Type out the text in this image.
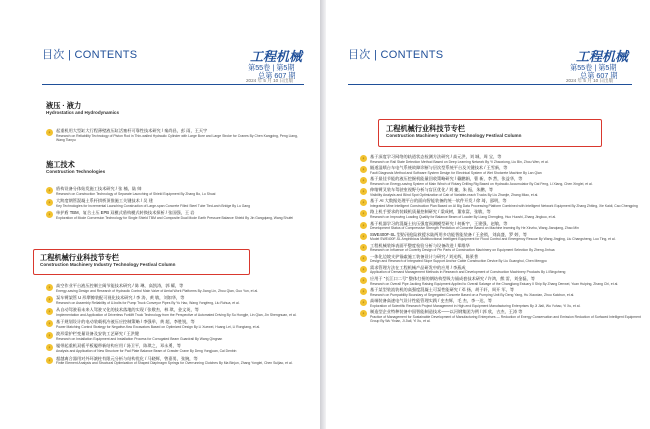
目次 | CONTENTS	工程机械
第55卷 | 第5期
总第 607 期
2024 年 5 月 10 日出版
液压 · 液力
Hydrostatics and Hydrodynamics
p	起重机用大型缸大行程薄壁液压缸活塞杆可靠性技术研究 / 秦尚昌，彭 雨，王天宇
Research on Reliability Technology of Piston Rod in Thin-walled Hydraulic Cylinder with Large Bore and Large Stroke for Cranes By Chen Kangping, Peng Liang, Wang Tianyu
施工技术
Construction Technologies
p	盾构设备分体始发施工技术研究 / 张 楠，陆 帅
Research on Construction Technology of Separate Launching of Shield Equipment By Zhang Bo, Lu Shuai
p	大跨度钢管混凝土系杆拱桥顶推施工关键技术 / 吴 建
Key Technologies for Incremental Launching Construction of Large-span Concrete Filled Steel Tube Tied-arch Bridge By Lu Gang
p	单护盾 TBM、复合土压 EPB 双模式盾构模式转换技术探析 / 张国强，王 岩
Exploration of Mode Conversion Technology for Single Shield TBM and Composite Dual Mode Earth Pressure Balance Shield By Jin Gangqiang, Wang Shufei
工程机械行业科技节专栏
Construction Machinery Industry Technology Festival Column
p	高空作业平台液压控制主阀节能技术研究 / 陈 琳，高凯涛，郭 耀，等
Energy-saving Design and Research of Hydraulic Control Main Valve of Aerial Work Platforms By Jiang Lin, Zhou Qian, Guo Yun, et al.
p	泵车臂架管 U 形摩擦装配可视化技术研究 / 李 涛，黄 敏，刘如华，等
Research on Assembly Reliability of U-bolts for Pump Truck Conveyor Pipes By Yu Hao, Wang Yongfeng, Liu Ruhua, et al.
p	从自动驾驶看未来人驾驶又化的技术落地的实现 / 张敬杰，林 琪，金文英，等
Implementation and Application of Driverless Forklift Truck Technology from the Perspective of Automated Driving By Su Hongjie, Lin Qian, Jin Shengnuan, et al.
p	基于规划设计的电动装载机冷液压应控制策略 / 李强举，黄 超，李胜锐，等
Power Matching Control Strategy for Negative-flow Excavators Based on Optimized Design By Li Xuewei, Huang Lei, Li Rongtang, et al.
p	波形梁护栏变量设备及安装工艺研究 / 王洪键
Research on Installation Equipment and Installation Process for Corrugated Beam Guardrail By Wang Qingnan
p	履带起重机双板平板履带新结构应用 / 汤卫平，陈琪之，邓永勇，等
Analysis and Application of New Structure for Pad Plate Balance Beam of Crawler Crane By Deng Yongjuan, Cai Denbin
p	超越离合器用对外环滚柱有限元分析与结构优化 / 马晓辉，曾嘉男，张婉，等
Finite Element Analysis and Structural Optimization of Shaped Diaphragm Springs for Overrunning Clutches By Ma Binjun, Zhang Yonglei, Chen Suijiao, et al.
目次 | CONTENTS	工程机械
第55卷 | 第5期
总第 607 期
2024 年 5 月 10 日出版
工程机械行业科技节专栏
Construction Machinery Industry Technology Festival Column
p	基于深度学习网络的轨道状态检测方法研究 / 高元洪，刘 城，周 宝，等
Research on Rail State Detection Method Based on Deep Learning Network By Yi Zhaoxiong, Liu Bin, Zhou Wen, et al.
p	隧道湿喷台车电气系统故障诊断与层次型系统平台及关键技术 / 王雪新，等
Fault Diagnosis Method and Software System Design for Electrical System of Wet Shotcrete Machine By Lan Qian
p	基于最佳节能的液压挖掘机能量回收策略研究 / 戴鹏娟，曹 新，李 然，张益华，等
Research on Energy-saving System of Main Winch of Rotary Drilling Rig Based on Hydraulic Accumulator By Dai Feng, Li Xiang, Chen Xinglei, et al.
p	伸缩臂叉装车驾驶室视野分析与盲区优化 / 刘 捷，朱 振，朱鹏，等
Visibility Analysis and Blind Spot Optimization of Cab of Variable-reach Trucks By Liu Zhanjie, Zhang Miao, et al.
p	基于 AI 大数据处理平台的面向智能装备的统一软件开发 / 徐 琦，邵明，等
Integrated Mine Intelligent Construction Plan Based on AI Big Data Processing Platform Combined with Intelligent Network Equipment By Zhang Zhiting, Xie Kaidi, Cao Chengping
p	路上机手要求的装载机质量控制研究 / 梁成树，董家富，张敏，等
Research on Improving Loading Quality for Balance Beam of Loader By Liang Chengling, Huo Huoshi, Zhang Jingkuo, et al.
p	基于机器学习的混凝土抗压强度预测模型研究 / 何新宇，王建强，赵敏，等
Development Status of Compressive Strength Prediction of Concrete Based on Machine learning By He Xinzhu, Wang Jianqiang, Zhao Min
p	SWE400F-SL 型防汛抢险救援水陆两用多功能智能装备 / 王金锁，刘高盛，罗 婷，等
Model SWE400F-SL Amphibious Multifunctional Intelligent Equipment for Flood Control and Emergency Rescue By Wang Jingjing, Liu Changsheng, Luo Ting, et al.
p	工程机械装饰表面平整度检验分析与设备改进 / 郑维华
Research on Influence of Coverity Design of Pin Parts of Construction Machinery on Equipment Selection By Zheng Jinhua
p	一体化边坡支护锚索施工装备设计与研究 / 刘光辉，陈景普
Design and Research of Integrated Slope Support Anchor Cable Construction Device By Liu Guanghui, Chen Mengpo
p	需求管理方法在工程机械产品研发中的应用 / 李燕成
Application of Demand Management Methods in Research and Development of Construction Machinery Products By Li Bingcheng
p	应用于 "长江口二号" 整体打捞的钢结构型吸力锚成套技术研究 / 许鸿，熊 雷，刘金磊，等
Research on Overall Pipe Jacking Raising Equipment Applied to Overall Salvage of the Changjiang Estuary II Ship By Zhang Denwei, Yuan Huiping, Zhang Chi, et al.
p	基于某型装流装机的高强度混凝土可泵性能研究 / 邓 扬，胡于轩，周开 军，等
Research on Pumpability Boundary of Segregated Concrete Based on a Pumping Unit By Deng Yang, Hu Xiaoxian, Zhou Kaichun, et al.
p	高端装备高速电气设计性能管理实践 / 史杰辉，毛 杰，李一达，等
Exploration of Scientific Research Project Management in High-end Equipment Manufacturing Enterprises By Ji Jiali, Wu Yuhao, Yi Xu, et al.
p	制造型企业特种装备中国智能制造技术——以河钢集团为例 / 郭 欣，吉杰，王涛 等
Practice of Management for Sustainable Development of Manufacturing Enterprises — Reduction of Energy Conservation and Emission Reduction of Surfaced Intelligent Equipment Group By Wu Yixian, Ji Jiali, Yi Xu, et al.
